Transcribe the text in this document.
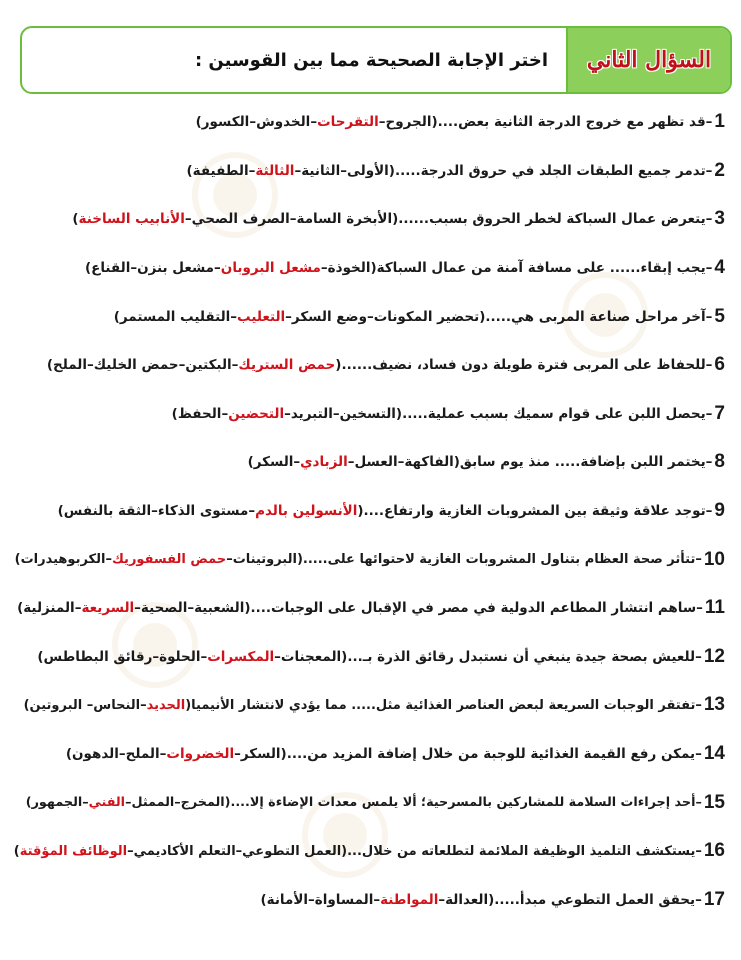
السؤال الثاني
اختر الإجابة الصحيحة مما بين القوسين :
1
–
قد تظهر مع خروج الدرجة الثانية بعض....(
الجروح–التقرحات–الخدوش–الكسور
)
2
–
تدمر جميع الطبقات الجلد في حروق الدرجة.....(
الأولى–الثانية–الثالثة–الطفيفة
)
3
–
يتعرض عمال السباكة لخطر الحروق بسبب......(
الأبخرة السامة–الصرف الصحي–الأنابيب الساخنة
)
4
–
يجب إبقاء...... على مسافة آمنة من عمال السباكة(
الخوذة–مشعل البروبان–مشعل بنزن–القناع
)
5
–
آخر مراحل صناعة المربى هي.....(
تحضير المكونات–وضع السكر–التعليب–التقليب المستمر
)
6
–
للحفاظ على المربى فترة طويلة دون فساد، نضيف......(
حمض الستريك–البكتين–حمض الخليك–الملح
)
7
–
يحصل اللبن على قوام سميك بسبب عملية.....(
التسخين–التبريد–التحضين–الحفظ
)
8
–
يختمر اللبن بإضافة..... منذ يوم سابق(
الفاكهة–العسل–الزبادي–السكر
)
9
–
توجد علاقة وثيقة بين المشروبات الغازية وارتفاع....(
الأنسولين بالدم–مستوى الذكاء–الثقة بالنفس
)
10
–
تتأثر صحة العظام بتناول المشروبات الغازية لاحتوائها على.....(
البروتينات–حمض الفسفوريك–الكربوهيدرات
)
11
–
ساهم انتشار المطاعم الدولية في مصر في الإقبال على الوجبات....(
الشعبية–الصحية–السريعة–المنزلية
)
12
–
للعيش بصحة جيدة ينبغي أن نستبدل رقائق الذرة بـ...(
المعجنات–المكسرات–الحلوة–رقائق البطاطس
)
13
–
تفتقر الوجبات السريعة لبعض العناصر الغذائية مثل..... مما يؤدي لانتشار الأنيميا(
الحديد–النحاس– البروتين
)
14
–
يمكن رفع القيمة الغذائية للوجبة من خلال إضافة المزيد من....(
السكر–الخضروات–الملح–الدهون
)
15
–
أحد إجراءات السلامة للمشاركين بالمسرحية؛ ألا يلمس معدات الإضاءة إلا....(
المخرج–الممثل–الفني–الجمهور
)
16
–
يستكشف التلميذ الوظيفة الملائمة لتطلعاته من خلال...(
العمل التطوعي–التعلم الأكاديمي–الوظائف المؤقتة
)
17
–
يحقق العمل التطوعي مبدأ.....(
العدالة–المواطنة–المساواة–الأمانة
)
